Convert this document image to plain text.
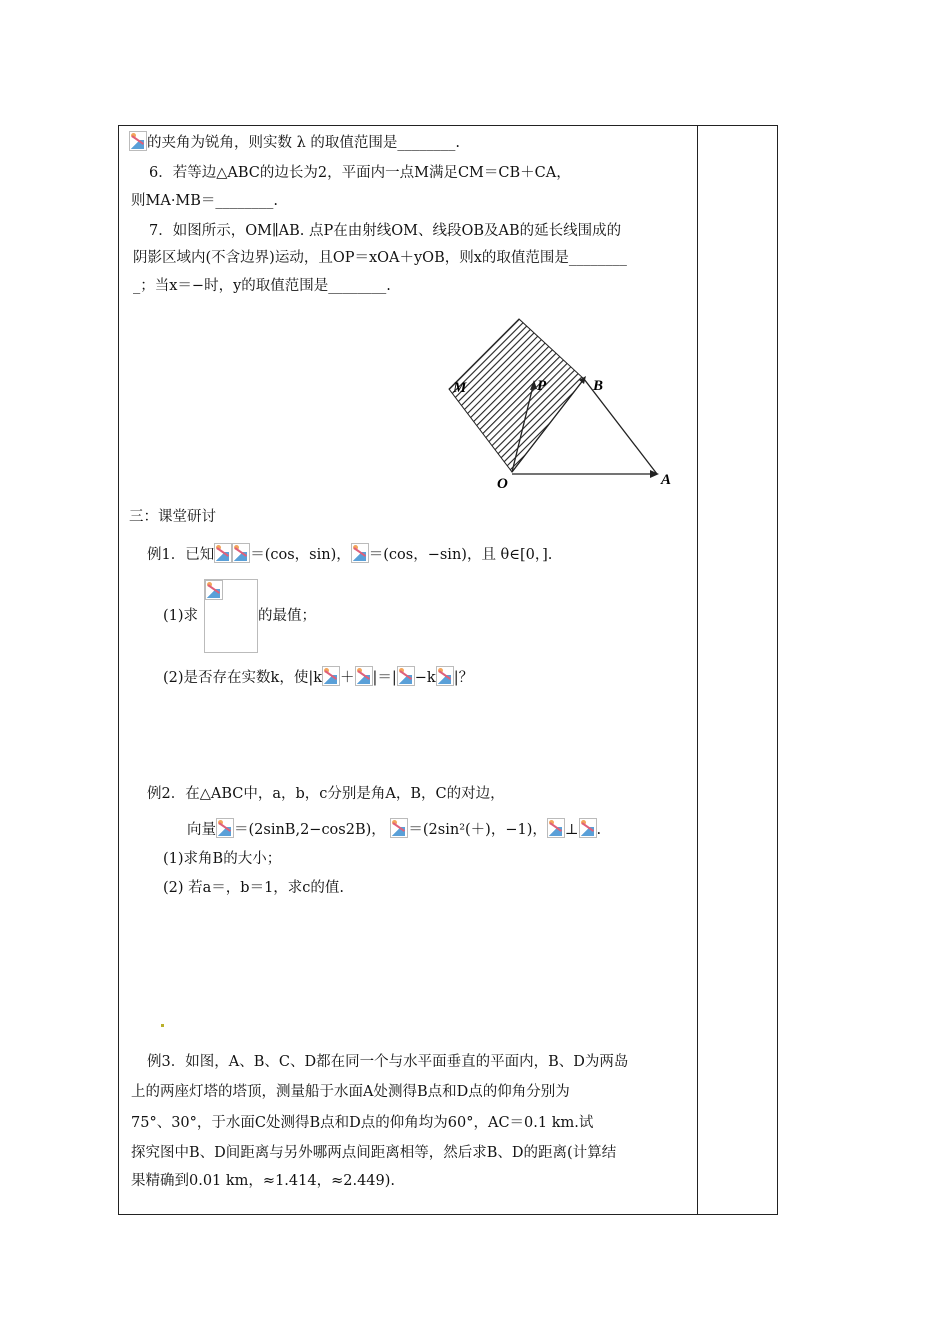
的夹角为锐角，则实数 λ 的取值范围是________.
6．若等边△ABC的边长为2，平面内一点M满足CM＝CB＋CA，
则MA·MB＝________.
7．如图所示，OM∥AB. 点P在由射线OM、线段OB及AB的延长线围成的
阴影区域内(不含边界)运动，且OP＝xOA＋yOB，则x的取值范围是________
_；当x＝−时，y的取值范围是________.
M	P	B
O	A
三：课堂研讨
例1．已知 ＝(cos，sin)， ＝(cos，−sin)，且 θ∈[0，].
(1)求	的最值；
(2)是否存在实数k，使|k ＋ |＝| −k |？
例2．在△ABC中，a，b，c分别是角A，B，C的对边，
向量 ＝(2sinB,2−cos2B)， ＝(2sin²(＋)，−1)， ⊥ .
(1)求角B的大小；
(2) 若a＝，b＝1，求c的值.
例3．如图，A、B、C、D都在同一个与水平面垂直的平面内，B、D为两岛
上的两座灯塔的塔顶，测量船于水面A处测得B点和D点的仰角分别为
75°、30°，于水面C处测得B点和D点的仰角均为60°，AC＝0.1 km.试
探究图中B、D间距离与另外哪两点间距离相等，然后求B、D的距离(计算结
果精确到0.01 km，≈1.414，≈2.449).
